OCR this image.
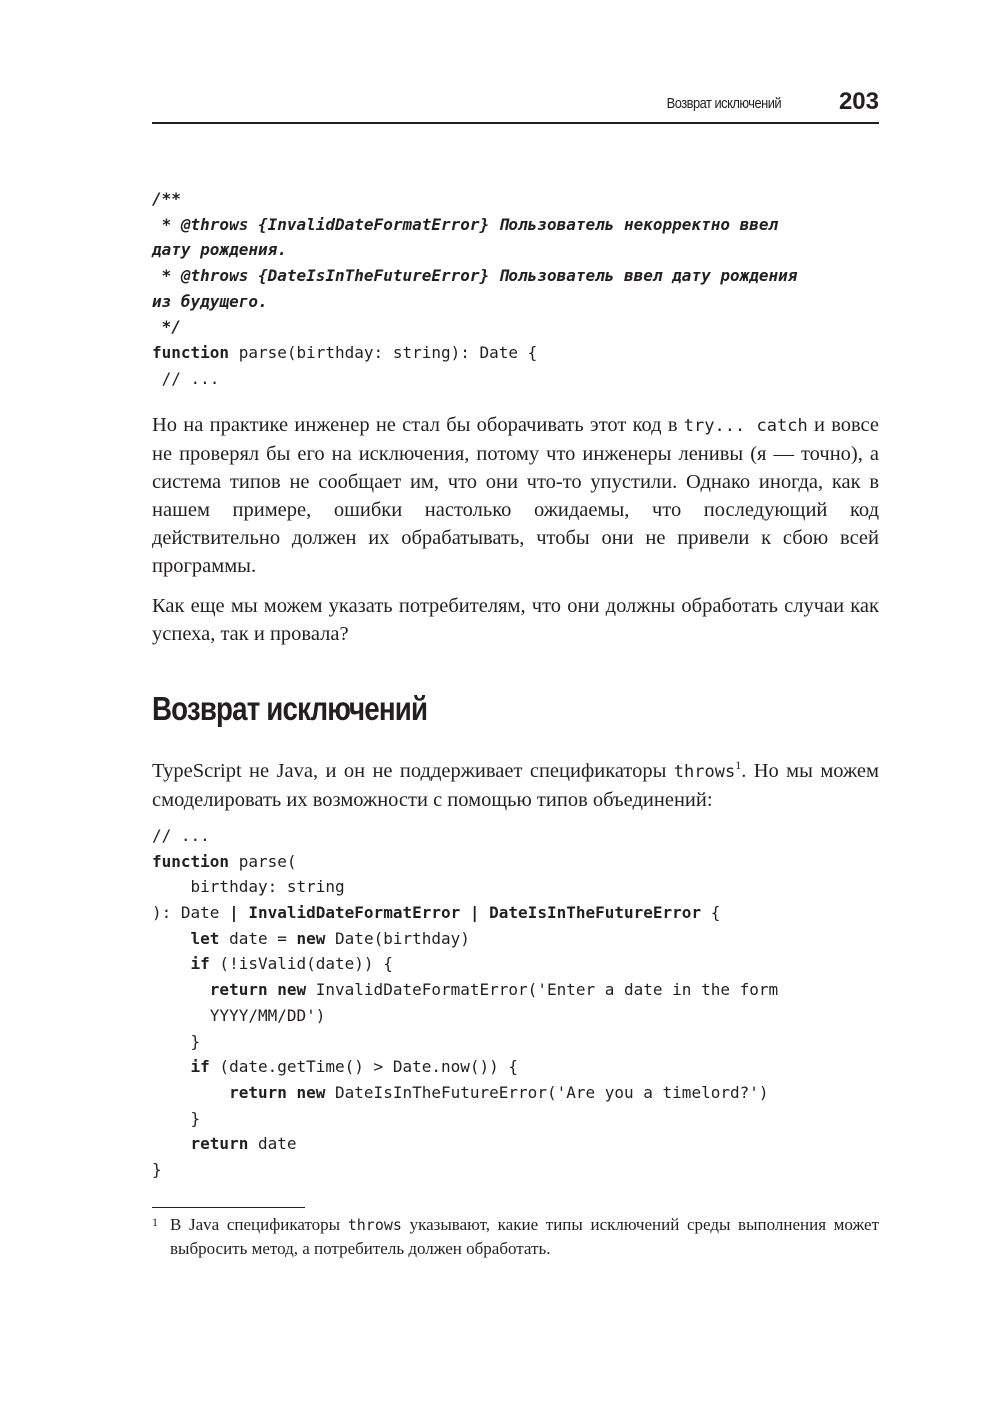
Возврат исключений 203
/**
* @throws {InvalidDateFormatError} Пользователь некорректно ввел
дату рождения.
* @throws {DateIsInTheFutureError} Пользователь ввел дату рождения
из будущего.
*/
function parse(birthday: string): Date {
// ...

Но на практике инженер не стал бы оборачивать этот код в try... catch и вовсе не проверял бы его на исключения, потому что инженеры ленивы (я — точно), а система типов не сообщает им, что они что-то упустили. Однако иногда, как в нашем примере, ошибки настолько ожидаемы, что последующий код действительно должен их обрабатывать, чтобы они не привели к сбою всей программы.

Как еще мы можем указать потребителям, что они должны обработать случаи как успеха, так и провала?

Возврат исключений

TypeScript не Java, и он не поддерживает спецификаторы throws$^1$. Но мы можем смоделировать их возможности с помощью типов объединений:

// ...
function parse(
birthday: string
): Date | InvalidDateFormatError | DateIsInTheFutureError {
let date = new Date(birthday)
if (!isValid(date)) {
return new InvalidDateFormatError('Enter a date in the form
YYYY/MM/DD')
}
if (date.getTime() > Date.now()) {
return new DateIsInTheFutureError('Are you a timelord?')
}
return date
}
1 В Java спецификаторы throws указывают, какие типы исключений среды выполнения может выбросить метод, а потребитель должен обработать.
